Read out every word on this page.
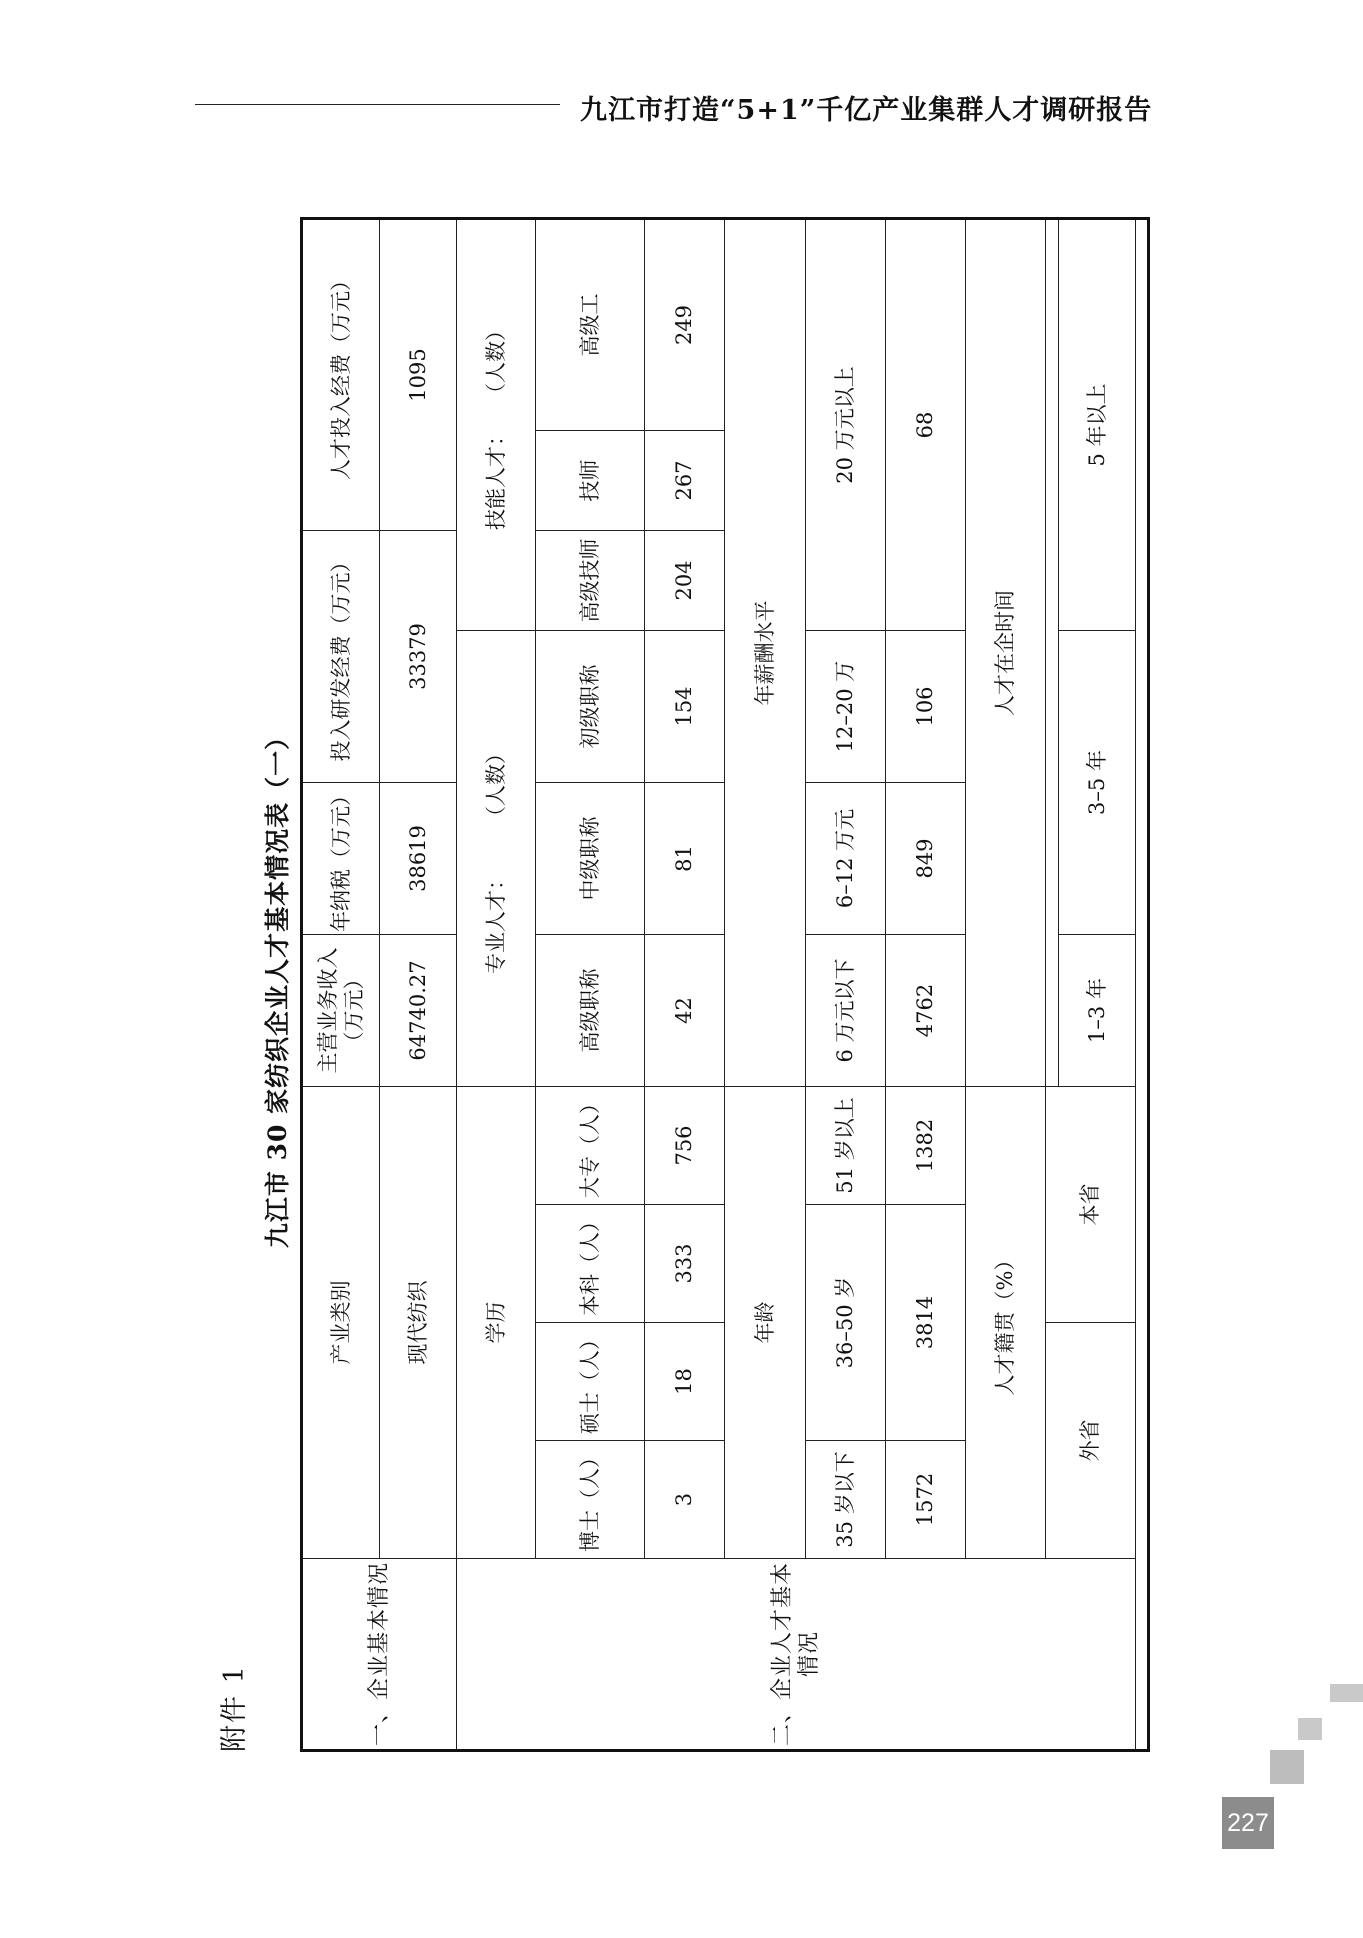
九江市打造“5+1”千亿产业集群人才调研报告
附件 1
九江市 30 家纺织企业人才基本情况表（一）
一、企业基本情况	产业类别				主营业务收入（万元）	年纳税（万元）	投入研发经费（万元）		人才投入经费（万元）	
	现代纺织				64740.27	38619	33379		1095	
二、企业人才基本情况	学历				专业人才：　　　（人数）			技能人才：　　（人数）		
	博士（人）	硕士（人）	本科（人）	大专（人）	高级职称	中级职称	初级职称	高级技师	技师	高级工
	3	18	333	756	42	81	154	204	267	249
	年龄				年薪酬水平					
	35 岁以下	36–50 岁		51 岁以上	6 万元以下	6–12 万元	12–20 万	20 万元以上		
	1572	3814		1382	4762	849	106	68		
	人才籍贯（%）				人才在企时间					

	外省		本省						
					1–3 年	3–5 年		5 年以上		

227
